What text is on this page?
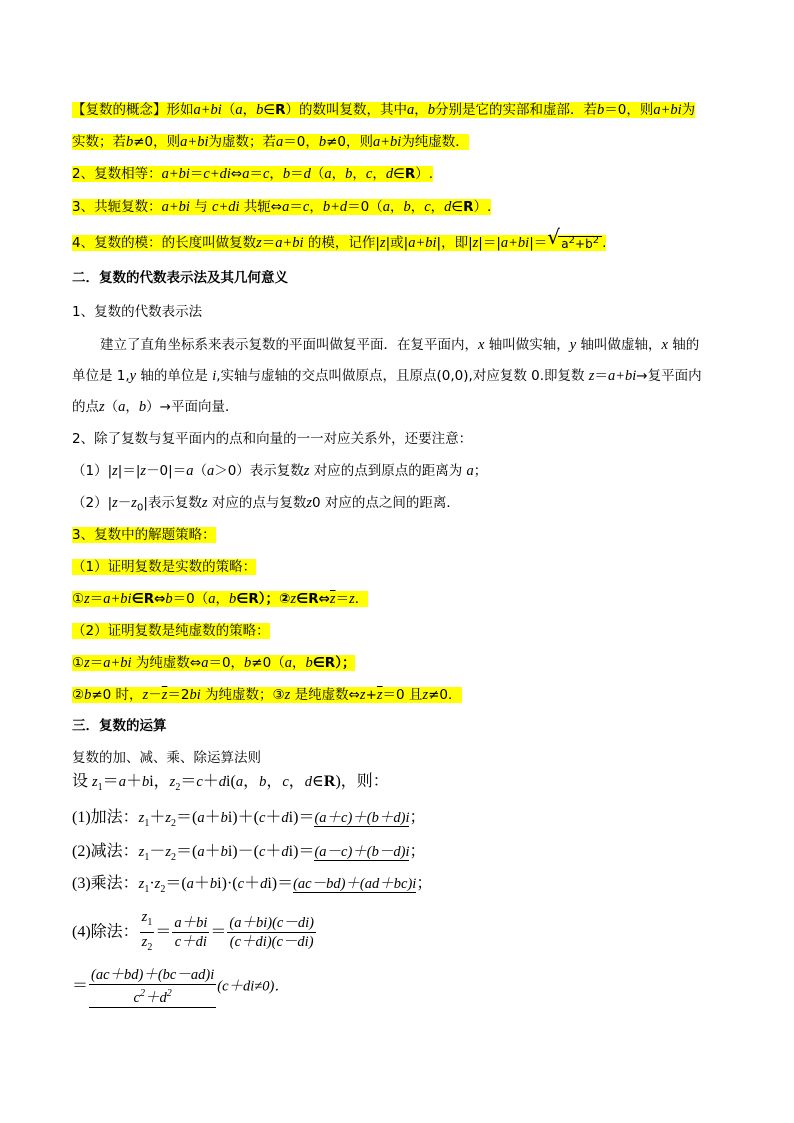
【复数的概念】形如a+bi（a，b∈R）的数叫复数，其中a，b分别是它的实部和虚部．若b＝0，则a+bi为
实数；若b≠0，则a+bi为虚数；若a＝0，b≠0，则a+bi为纯虚数．
2、复数相等：a+bi＝c+di⇔a＝c，b＝d（a，b，c，d∈R）.
3、共轭复数：a+bi 与 c+di 共轭⇔a＝c，b+d＝0（a，b，c，d∈R）.
4、复数的模：的长度叫做复数z＝a+bi 的模，记作|z|或|a+bi|，即|z|＝|a+bi|＝ √ $a^2+b^2$ .
二．复数的代数表示法及其几何意义
1、复数的代数表示法
建立了直角坐标系来表示复数的平面叫做复平面．在复平面内，x 轴叫做实轴，y 轴叫做虚轴，x 轴的
单位是 1,y 轴的单位是 i,实轴与虚轴的交点叫做原点，且原点(0,0),对应复数 0.即复数 z＝a+bi→复平面内
的点z（a，b）→平面向量．
2、除了复数与复平面内的点和向量的一一对应关系外，还要注意：
（1）|z|＝|z－0|＝a（a＞0）表示复数z 对应的点到原点的距离为 a；
$(2)|z-z_0|$表示复数z 对应的点与复数z0 对应的点之间的距离．
3、复数中的解题策略：
（1）证明复数是实数的策略：
①z＝a+bi∈R⇔b＝0（a，b∈R）；$②z\in R\Leftrightarrow\overline{z}=z$．
（2）证明复数是纯虚数的策略：
①z＝a+bi 为纯虚数⇔a＝0，b≠0（a，b∈R）；
②b≠0 时，$z-\overline{z}=2bi$ 为纯虚数；③z 是纯虚数$\Leftrightarrow z+\overline{z}=0$ 且z≠0．
三．复数的运算
复数的加、减、乘、除运算法则
设 $z_1=a+bi$，$z_2=c+di(a$，b，c，d∈R)，则：
(1)加法：$z_1+z_2=(a+bi)+(c+di)=(a+c)+(b+d)i$；
(2)减法：$z_1-z_2=(a+bi)-(c+di)=(a-c)+(b-d)i$；
(3)乘法：$z_1\cdot z_2=(a+bi)\cdot(c+di)=(ac-bd)+(ad+bc)i$；
(4)除法： $\frac{z_1}{z_2} = \frac{a+bi}{c+di} = \frac{(a+bi)(c-di)}{(c+di)(c-di)}$
＝ $\frac{(ac+bd)+(bc-ad)i}{c^2+d^2} (c+di\ne 0)$．
